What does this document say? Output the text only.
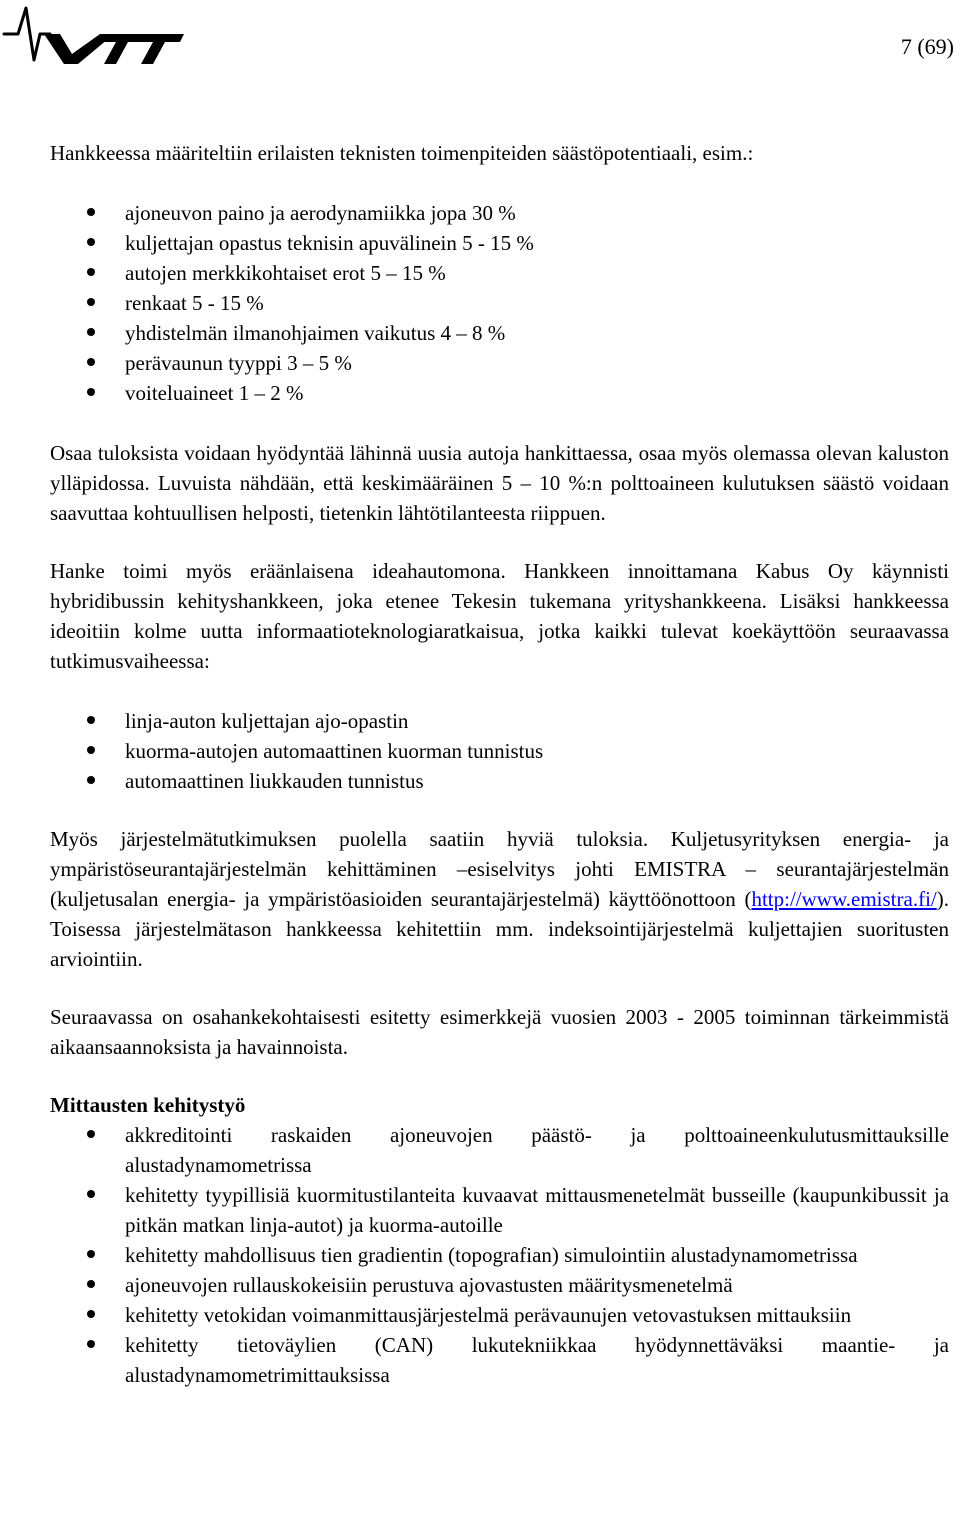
7 (69)

Hankkeessa määriteltiin erilaisten teknisten toimenpiteiden säästöpotentiaali, esim.:

ajoneuvon paino ja aerodynamiikka jopa 30 %
kuljettajan opastus teknisin apuvälinein 5 - 15 %
autojen merkkikohtaiset erot 5 – 15 %
renkaat 5 - 15 %
yhdistelmän ilmanohjaimen vaikutus 4 – 8 %
perävaunun tyyppi 3 – 5 %
voiteluaineet 1 – 2 %

Osaa tuloksista voidaan hyödyntää lähinnä uusia autoja hankittaessa, osaa myös olemassa olevan kaluston ylläpidossa. Luvuista nähdään, että keskimääräinen 5 – 10 %:n polttoaineen kulutuksen säästö voidaan saavuttaa kohtuullisen helposti, tietenkin lähtötilanteesta riippuen.

Hanke toimi myös eräänlaisena ideahautomona. Hankkeen innoittamana Kabus Oy käynnisti hybridibussin kehityshankkeen, joka etenee Tekesin tukemana yrityshankkeena. Lisäksi hankkeessa ideoitiin kolme uutta informaatioteknologiaratkaisua, jotka kaikki tulevat koekäyttöön seuraavassa tutkimusvaiheessa:

linja-auton kuljettajan ajo-opastin
kuorma-autojen automaattinen kuorman tunnistus
automaattinen liukkauden tunnistus

Myös järjestelmätutkimuksen puolella saatiin hyviä tuloksia. Kuljetusyrityksen energia- ja ympäristöseurantajärjestelmän kehittäminen –esiselvitys johti EMISTRA – seurantajärjestelmän (kuljetusalan energia- ja ympäristöasioiden seurantajärjestelmä) käyttöönottoon (http://www.emistra.fi/). Toisessa järjestelmätason hankkeessa kehitettiin mm. indeksointijärjestelmä kuljettajien suoritusten arviointiin.

Seuraavassa on osahankekohtaisesti esitetty esimerkkejä vuosien 2003 - 2005 toiminnan tärkeimmistä aikaansaannoksista ja havainnoista.

Mittausten kehitystyö

akkreditointi raskaiden ajoneuvojen päästö- ja polttoaineenkulutusmittauksille alustadynamometrissa
kehitetty tyypillisiä kuormitustilanteita kuvaavat mittausmenetelmät busseille (kaupunkibussit ja pitkän matkan linja-autot) ja kuorma-autoille
kehitetty mahdollisuus tien gradientin (topografian) simulointiin alustadynamometrissa
ajoneuvojen rullauskokeisiin perustuva ajovastusten määritysmenetelmä
kehitetty vetokidan voimanmittausjärjestelmä perävaunujen vetovastuksen mittauksiin
kehitetty tietoväylien (CAN) lukutekniikkaa hyödynnettäväksi maantie- ja alustadynamometrimittauksissa
